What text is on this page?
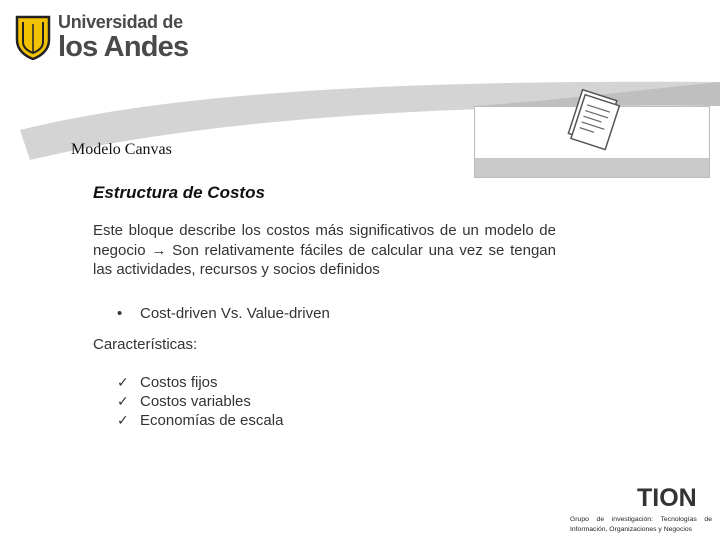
Universidad de
los Andes
Modelo Canvas
Estructura de Costos
Este bloque describe los costos más significativos de un modelo de negocio → Son relativamente fáciles de calcular una vez se tengan las actividades, recursos y socios definidos
• Cost-driven Vs. Value-driven
Características:
✓ Costos fijos
✓ Costos variables
✓ Economías de escala
TION
Grupo de investigación: Tecnologías de Información, Organizaciones y Negocios
